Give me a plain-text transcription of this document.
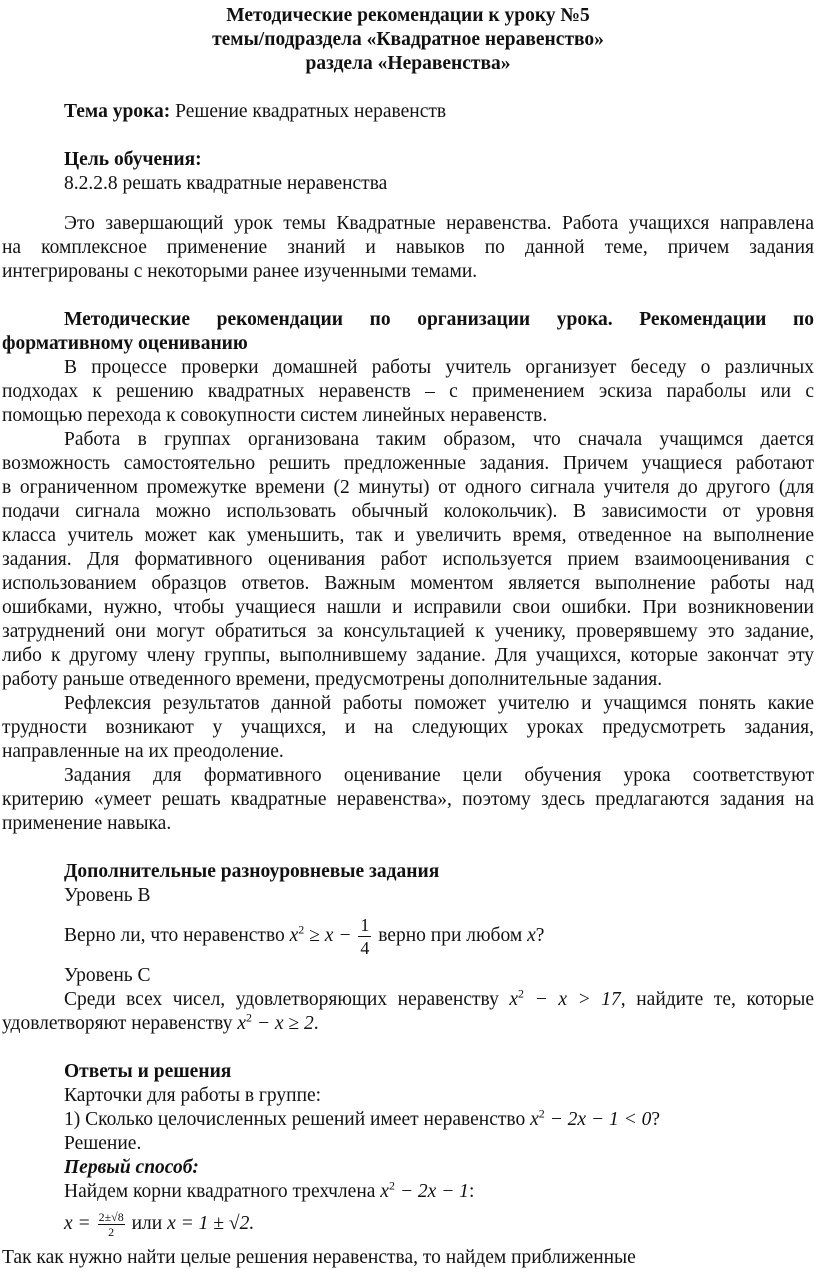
Методические рекомендации к уроку №5
темы/подраздела «Квадратное неравенство»
раздела «Неравенства»
Тема урока: Решение квадратных неравенств
Цель обучения:
8.2.2.8 решать квадратные неравенства
Это завершающий урок темы Квадратные неравенства. Работа учащихся направлена
на комплексное применение знаний и навыков по данной теме, причем задания
интегрированы с некоторыми ранее изученными темами.
Методические рекомендации по организации урока. Рекомендации по
формативному оцениванию
В процессе проверки домашней работы учитель организует беседу о различных
подходах к решению квадратных неравенств – с применением эскиза параболы или с
помощью перехода к совокупности систем линейных неравенств.
Работа в группах организована таким образом, что сначала учащимся дается
возможность самостоятельно решить предложенные задания. Причем учащиеся работают
в ограниченном промежутке времени (2 минуты) от одного сигнала учителя до другого (для
подачи сигнала можно использовать обычный колокольчик). В зависимости от уровня
класса учитель может как уменьшить, так и увеличить время, отведенное на выполнение
задания. Для формативного оценивания работ используется прием взаимооценивания с
использованием образцов ответов. Важным моментом является выполнение работы над
ошибками, нужно, чтобы учащиеся нашли и исправили свои ошибки. При возникновении
затруднений они могут обратиться за консультацией к ученику, проверявшему это задание,
либо к другому члену группы, выполнившему задание. Для учащихся, которые закончат эту
работу раньше отведенного времени, предусмотрены дополнительные задания.
Рефлексия результатов данной работы поможет учителю и учащимся понять какие
трудности возникают у учащихся, и на следующих уроках предусмотреть задания,
направленные на их преодоление.
Задания для формативного оценивание цели обучения урока соответствуют
критерию «умеет решать квадратные неравенства», поэтому здесь предлагаются задания на
применение навыка.
Дополнительные разноуровневые задания
Уровень В
Верно ли, что неравенство $x^2 \ge x - \frac{1}{4}$ верно при любом x?
Уровень С
Среди всех чисел, удовлетворяющих неравенству $x^2 - x > 17$, найдите те, которые
удовлетворяют неравенству $x^2 - x \ge 2$.
Ответы и решения
Карточки для работы в группе:
1) Сколько целочисленных решений имеет неравенство $x^2 - 2x - 1 < 0$?
Решение.
Первый способ:
Найдем корни квадратного трехчлена $x^2 - 2x - 1$:
$x = \frac{2\pm√8}{2}$ или x = 1 ± √2.
Так как нужно найти целые решения неравенства, то найдем приближенные
